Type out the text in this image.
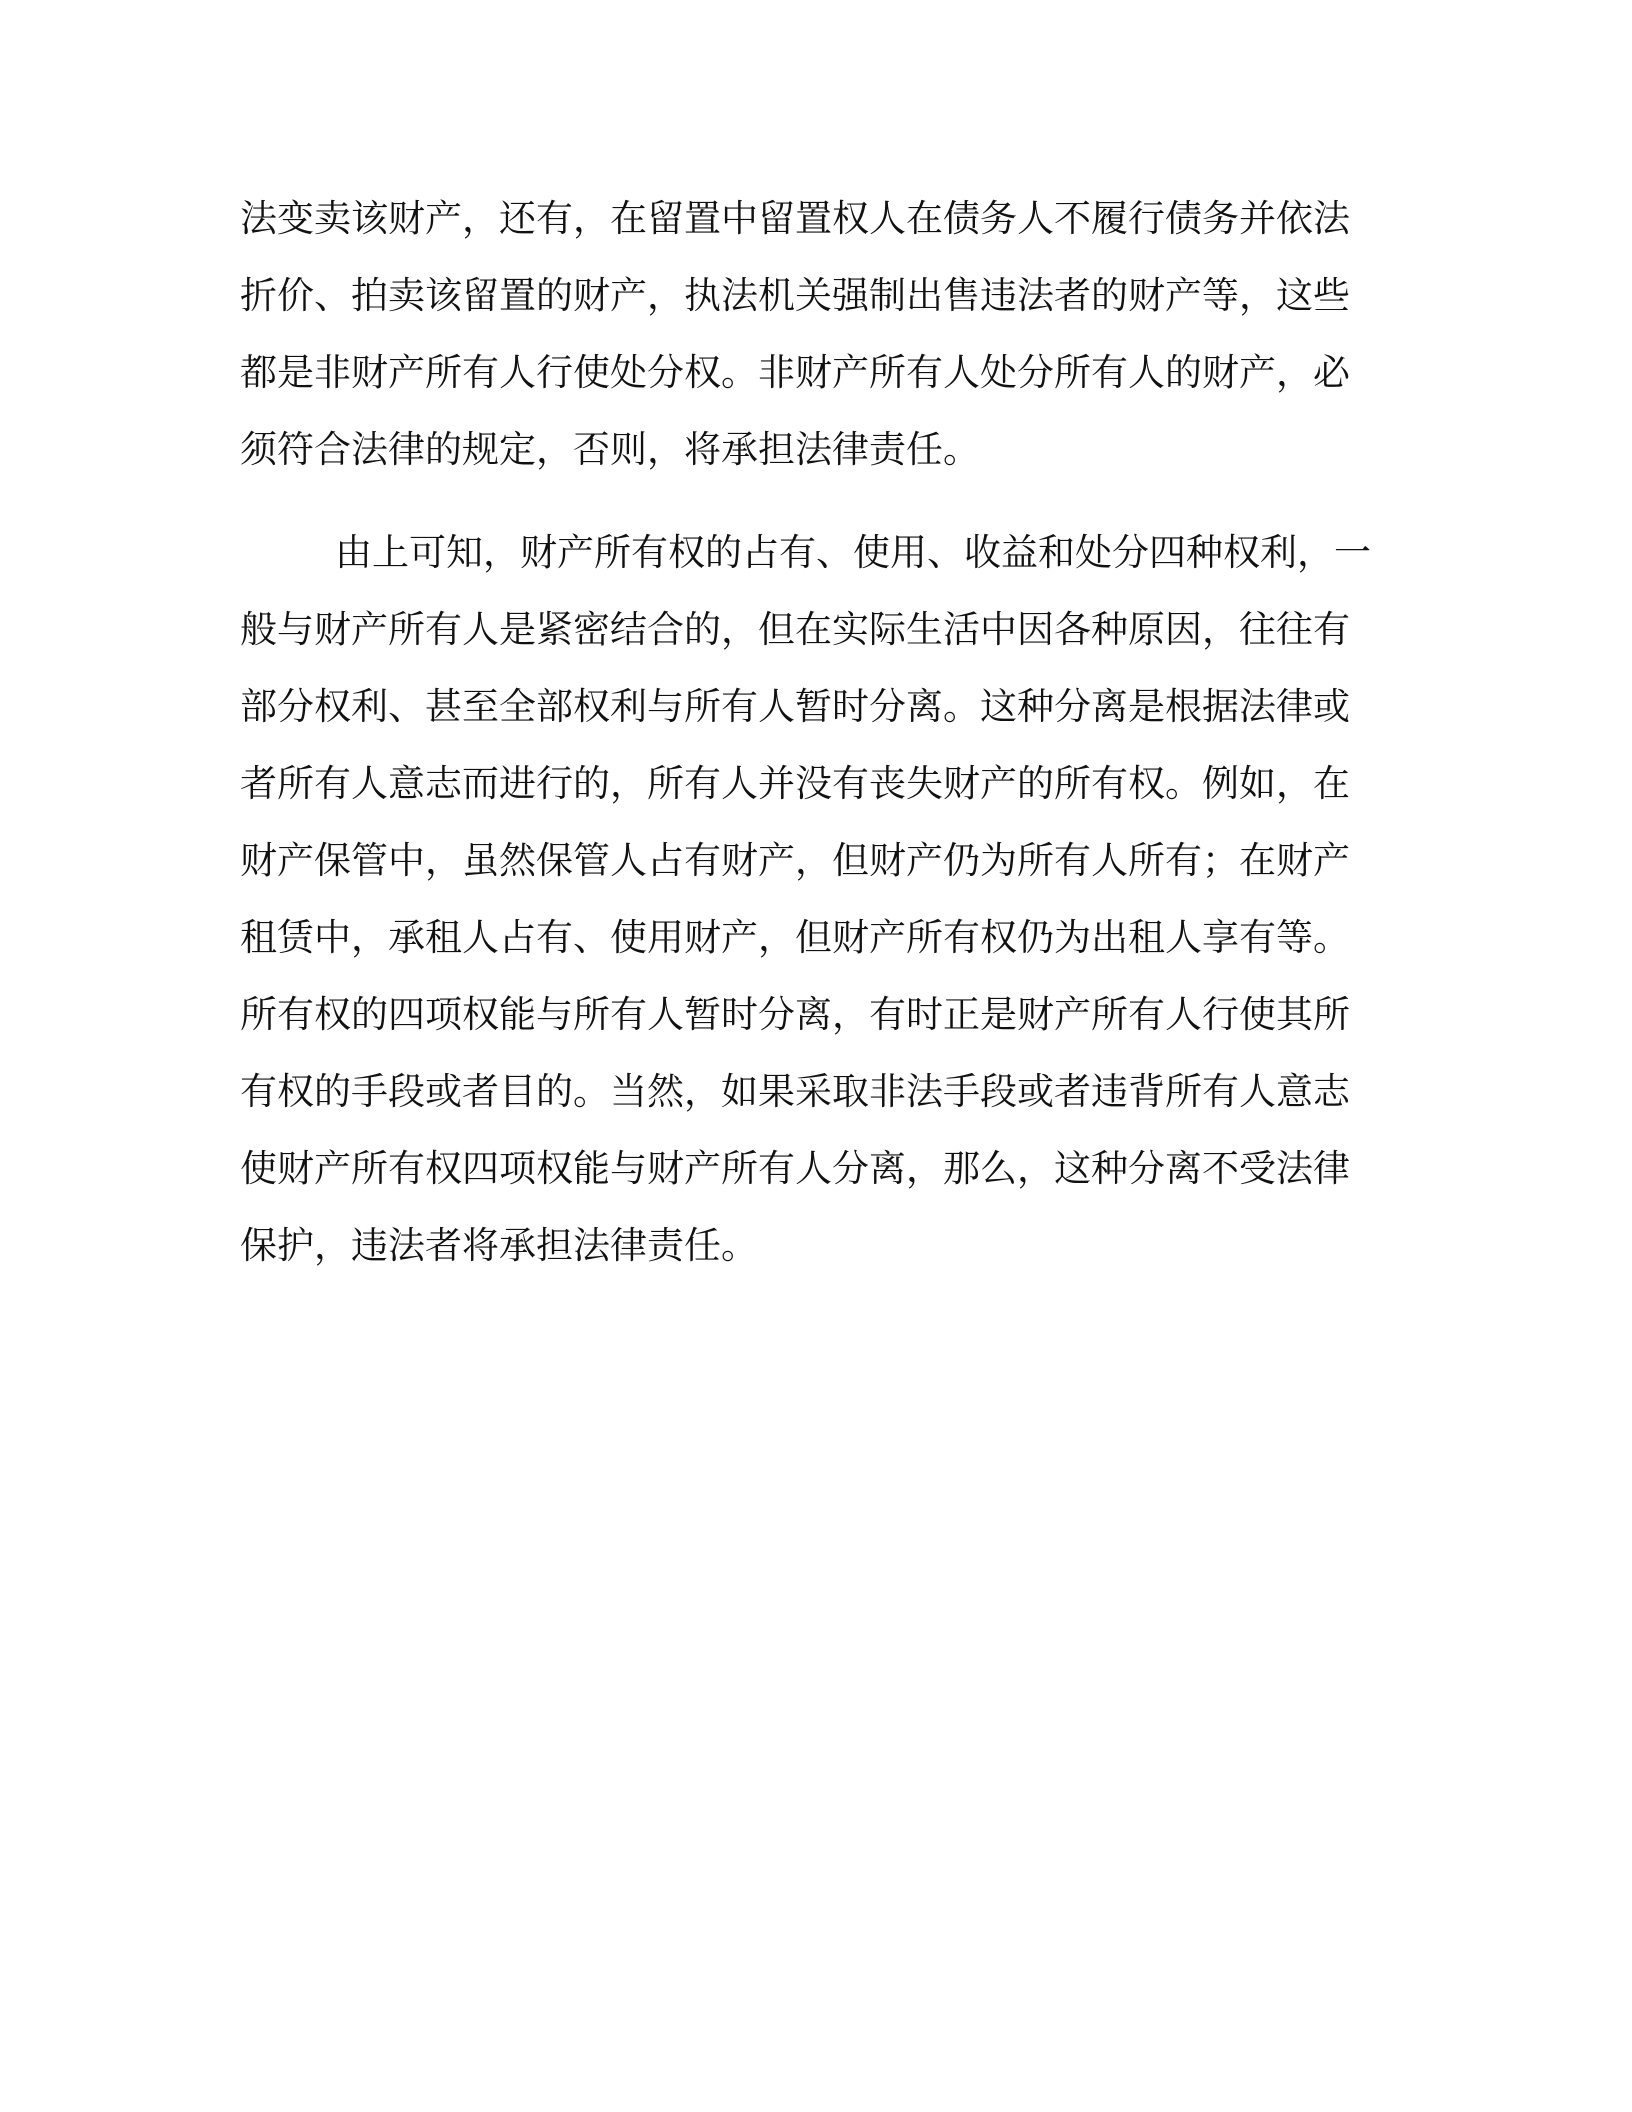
法变卖该财产，还有，在留置中留置权人在债务人不履行债务并依法
折价、拍卖该留置的财产，执法机关强制出售违法者的财产等，这些
都是非财产所有人行使处分权。非财产所有人处分所有人的财产，必
须符合法律的规定，否则，将承担法律责任。
由上可知，财产所有权的占有、使用、收益和处分四种权利，一
般与财产所有人是紧密结合的，但在实际生活中因各种原因，往往有
部分权利、甚至全部权利与所有人暂时分离。这种分离是根据法律或
者所有人意志而进行的，所有人并没有丧失财产的所有权。例如，在
财产保管中，虽然保管人占有财产，但财产仍为所有人所有；在财产
租赁中，承租人占有、使用财产，但财产所有权仍为出租人享有等。
所有权的四项权能与所有人暂时分离，有时正是财产所有人行使其所
有权的手段或者目的。当然，如果采取非法手段或者违背所有人意志
使财产所有权四项权能与财产所有人分离，那么，这种分离不受法律
保护，违法者将承担法律责任。
